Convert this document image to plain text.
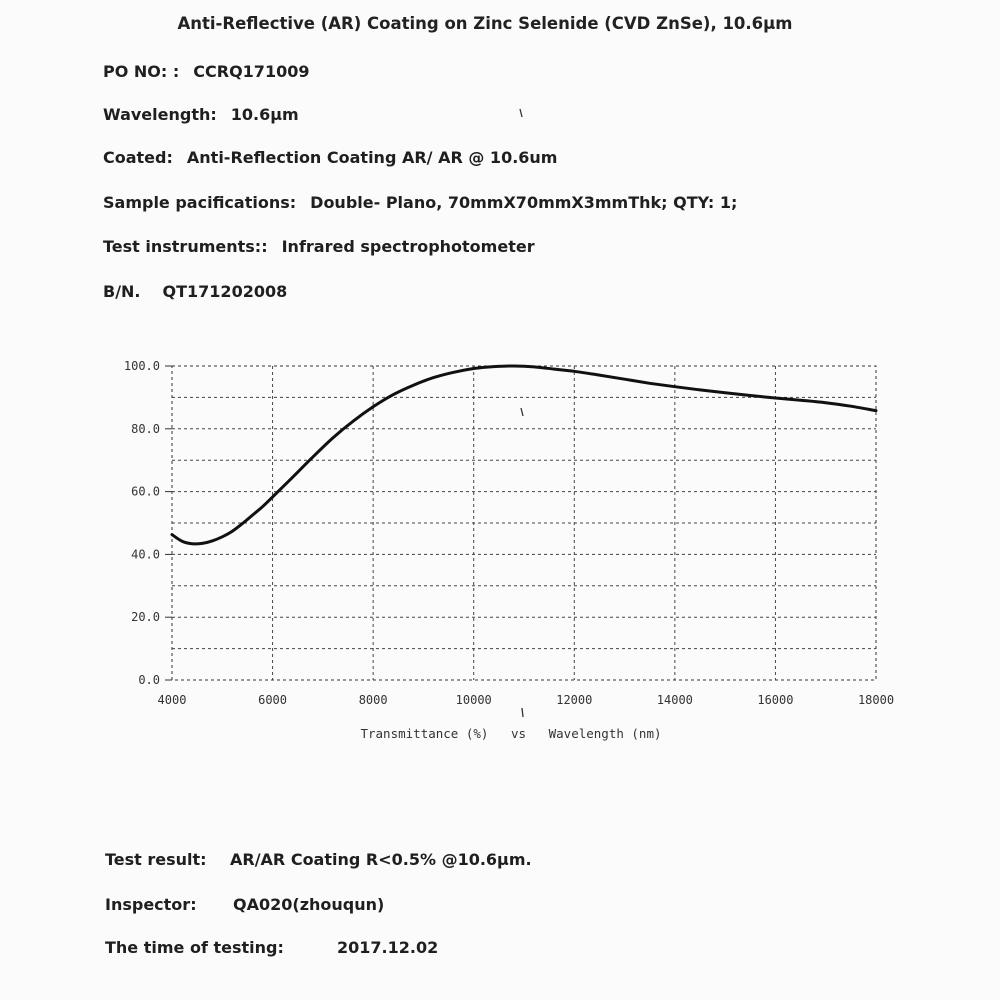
Anti-Reflective (AR) Coating on Zinc Selenide (CVD ZnSe), 10.6μm
PO NO: : CCRQ171009
Wavelength: 10.6μm
Coated: Anti-Reflection Coating AR/ AR @ 10.6um
Sample pacifications: Double- Plano, 70mmX70mmX3mmThk; QTY: 1;
Test instruments:: Infrared spectrophotometer
B/N. QT171202008
0.0
20.0
40.0
60.0
80.0
100.0
4000	6000	8000	10000	12000	14000	16000	18000
Transmittance (%)   vs   Wavelength (nm)
Test result: AR/AR Coating R<0.5% @10.6μm.
Inspector: QA020(zhouqun)
The time of testing:	2017.12.02
